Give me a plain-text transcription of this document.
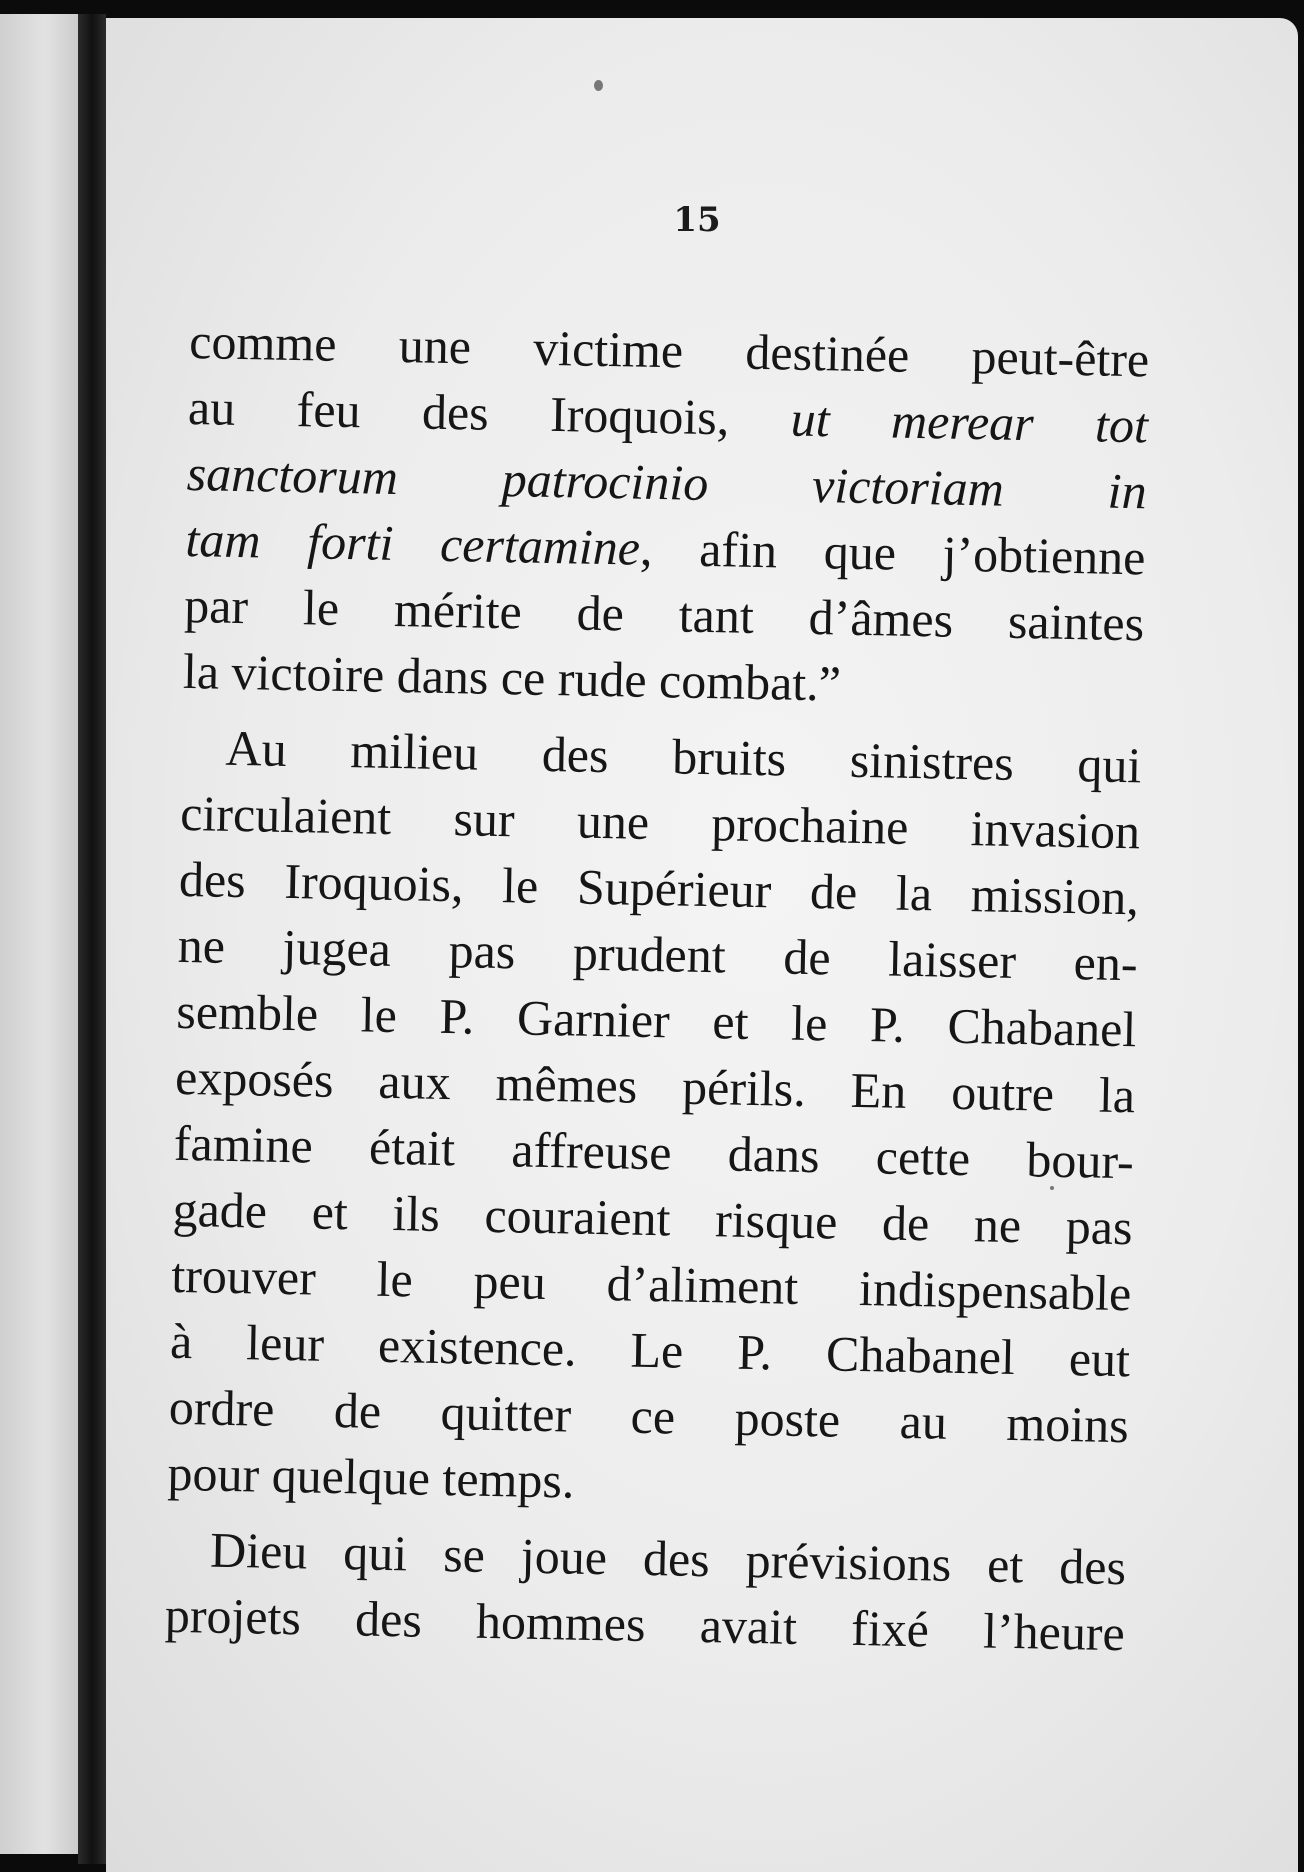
15

comme une victime destinée peut-être
au feu des Iroquois, ut merear tot
sanctorum patrocinio victoriam in
tam forti certamine, afin que j’obtienne
par le mérite de tant d’âmes saintes
la victoire dans ce rude combat.”

Au milieu des bruits sinistres qui
circulaient sur une prochaine invasion
des Iroquois, le Supérieur de la mission,
ne jugea pas prudent de laisser en-
semble le P. Garnier et le P. Chabanel
exposés aux mêmes périls. En outre la
famine était affreuse dans cette bour-
gade et ils couraient risque de ne pas
trouver le peu d’aliment indispensable
à leur existence. Le P. Chabanel eut
ordre de quitter ce poste au moins
pour quelque temps.

Dieu qui se joue des prévisions et des
projets des hommes avait fixé l’heure
